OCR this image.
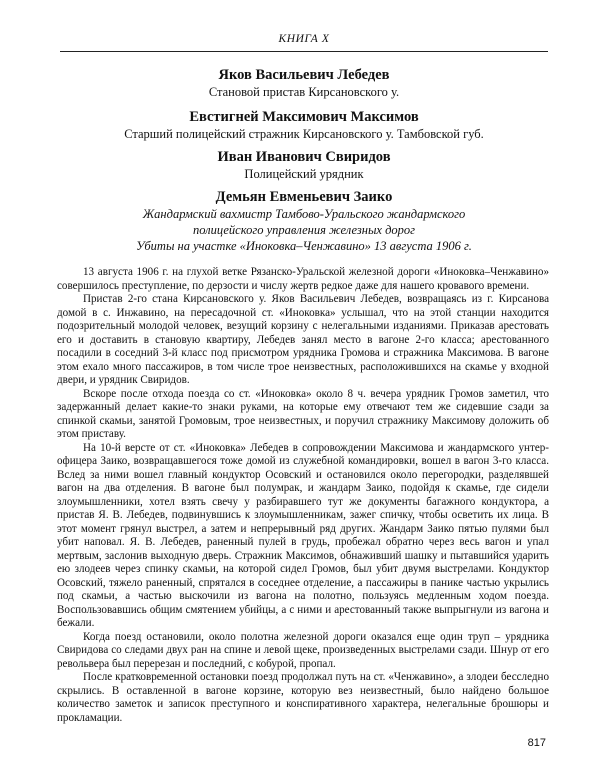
КНИГА X
Яков Васильевич Лебедев
Становой пристав Кирсановского у.
Евстигней Максимович Максимов
Старший полицейский стражник Кирсановского у. Тамбовской губ.
Иван Иванович Свиридов
Полицейский урядник
Демьян Евменьевич Заико
Жандармский вахмистр Тамбово-Уральского жандармского
полицейского управления железных дорог
Убиты на участке «Иноковка–Ченжавино» 13 августа 1906 г.

13 августа 1906 г. на глухой ветке Рязанско-Уральской железной дороги «Иноковка–Ченжавино» совершилось преступление, по дерзости и числу жертв редкое даже для нашего кровавого времени.

Пристав 2-го стана Кирсановского у. Яков Васильевич Лебедев, возвращаясь из г. Кирсанова домой в с. Инжавино, на пересадочной ст. «Иноковка» услышал, что на этой станции находится подозрительный молодой человек, везущий корзину с нелегальными изданиями. Приказав арестовать его и доставить в становую квартиру, Лебедев занял место в вагоне 2-го класса; арестованного посадили в соседний 3-й класс под присмотром урядника Громова и стражника Максимова. В вагоне этом ехало много пассажиров, в том числе трое неизвестных, расположившихся на скамье у входной двери, и урядник Свиридов.

Вскоре после отхода поезда со ст. «Иноковка» около 8 ч. вечера урядник Громов заметил, что задержанный делает какие-то знаки руками, на которые ему отвечают тем же сидевшие сзади за спинкой скамьи, занятой Громовым, трое неизвестных, и поручил стражнику Максимову доложить об этом приставу.

На 10-й версте от ст. «Иноковка» Лебедев в сопровождении Максимова и жандармского унтер-офицера Заико, возвращавшегося тоже домой из служебной командировки, вошел в вагон 3-го класса. Вслед за ними вошел главный кондуктор Осовский и остановился около перегородки, разделявшей вагон на два отделения. В вагоне был полумрак, и жандарм Заико, подойдя к скамье, где сидели злоумышленники, хотел взять свечу у разбиравшего тут же документы багажного кондуктора, а пристав Я. В. Лебедев, подвинувшись к злоумышленникам, зажег спичку, чтобы осветить их лица. В этот момент грянул выстрел, а затем и непрерывный ряд других. Жандарм Заико пятью пулями был убит наповал. Я. В. Лебедев, раненный пулей в грудь, пробежал обратно через весь вагон и упал мертвым, заслонив выходную дверь. Стражник Максимов, обнаживший шашку и пытавшийся ударить ею злодеев через спинку скамьи, на которой сидел Громов, был убит двумя выстрелами. Кондуктор Осовский, тяжело раненный, спрятался в соседнее отделение, а пассажиры в панике частью укрылись под скамьи, а частью выскочили из вагона на полотно, пользуясь медленным ходом поезда. Воспользовавшись общим смятением убийцы, а с ними и арестованный также выпрыгнули из вагона и бежали.

Когда поезд остановили, около полотна железной дороги оказался еще один труп – урядника Свиридова со следами двух ран на спине и левой щеке, произведенных выстрелами сзади. Шнур от его револьвера был перерезан и последний, с кобурой, пропал.

После кратковременной остановки поезд продолжал путь на ст. «Ченжавино», а злодеи бесследно скрылись. В оставленной в вагоне корзине, которую вез неизвестный, было найдено большое количество заметок и записок преступного и конспиративного характера, нелегальные брошюры и прокламации.

817
